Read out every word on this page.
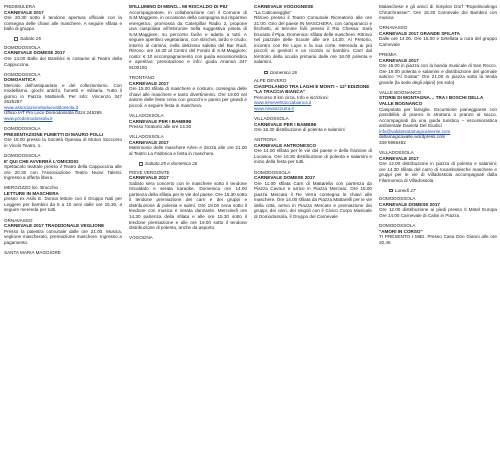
PIEDIMULERA
CARNEVALE 2017

Ore 20.30 sotto il tendone apertura ufficiale con la consegna delle chiavi alle maschere. A seguire sfilata e ballo di gruppo.

Sabato 25
DOMODOSSOLA
CARNEVALE DOMESE 2017

Ore 14.00 Ballo dei Bambini in costume al Teatro della Cappuccina.

DOMODOSSOLA
DOMOANTICA

Mercato dell'antiquariato e del collezionismo. Con modellismo, giochi antichi, fumetti e militaria. Tutto il giorno in Piazza Mattarelli. Per info: Vincenzo 347 2625287

www.associazioneladuevaldossola.it
Ufficio IAT Pro Loco Domodossola 0324 248265
www.prodomodossola.it
DOMODOSSOLA
PRESENTAZIONE FUMETTI DI MAURO POLLI

Ore 18.00 presso la Società Operaia di Mutuo Soccorso in Vicolo Teatro, 1.

DOMODOSSOLA
E' QUI CHE AVVERRÀ L'OMICIDIO

Spettacolo teatrale presso il Teatro della Cappuccina alle ore 20.30 con l'Associazione Teatro Nuovi Talenti. Ingresso a offerta libera.

MERGOZZO loc. Bracchio
LETTURE IN MASCHERA

presso ex Asilo E. Donna letture con il Gruppo Nati per Leggere per bambini da 5 a 10 anni dalle ore 15.30, a seguire merenda per tutti.

ORNAVASSO
CARNEVALE 2017 TRADIZIONALE VEGLIONE

Presso la palestra comunale dalle ore 21.00. Musica, veglione mascherato, premiazione maschere. Ingresso a pagamento.

SANTA MARIA MAGGIORE
M'ILLUMINO DI MENO... MI RISCALDO DI PIU'

Accompagnatore, in collaborazione con il Comune di S.M.Maggiore, in occasione della campagna sul risparmio energetico, promossa da Caterpillar Radio 2, propone una ciaspolata all'imbrunire nella suggestiva pineta di S.M.Maggiore, su percorso facile e adatto a tutti. A seguire aperitivo vegetariano, con stinchet, lardo e crudo, intorno al camino, nella deliziosa saletta del Bar Rudi. Ritrovo: ore 16.30 al Centro del Fondo di S.M.Maggiore; costo: € 10 accompagnamento con guida escursionistica e aperitivo; prenotazione e info: guida Arianna 347 9100100

TRONTANO
CARNEVALE 2017

Ore 15.00 sfilata di maschere e costumi, consegna delle chiavi alle maschere e tanto divertimento. Ore 19.00 nel salone delle feste cena con gnocchi e panini per grandi e piccoli. A seguire festa in maschera.

VILLADOSSOLA
CARNEVALE PER I BAMBINI

Presso l'oratorio alle ore 14.30

VILLADOSSOLA
CARNEVALE 2017

Matrimonio delle maschere Arlen e Zezza alle ore 21.00 al Teatro La Fabbrica e festa in maschera

Sabato 25 e domenica 26
PIEVE VERGONTE
CARNEVALE 2017

Sabato sera concerto con le maschere sotto il tendone riscaldato e serata karaoke. Domenica ore 14.00 partenza della sfilata per le vie del paese. Ore 15.30 sotto il tendone premiazione dei carri e dei gruppi e distribuzione di polenta e salmì. Ore 19.00 cena sotto il tendone con musica e serata danzante. Mercoledì ore 14.30 partenza della sfilata e alle ore 15.30 sotto il tendone premiazione e alle ore 19.00 sotto il tendone distribuzione di polenta, anche da asporto.

VOGOGNA
CARNEVALE VOGOGNESE
"La Caticavegglia"

Ritrovo presso il Teatro Comunale Ricreatorio alle ore 21.00. Giro del paese IN MASCHERA, con campanacci e fischietti, al termine falò presso il Rio Chessa. Sarà bruciato il Pipa. Domenica: sfilata delle maschere. Ritrovo nel piazzale delle Scuole alle ore 14.30. Al Pretorio, incontro con Re Lupo e la sua corte. Merenda ai più piccoli; ai genitori e un ricordo ai bambini. Carri dal territorio della scuola primaria dalle ore 16.00 polenta e salamini.

Domenica 26
ALPE DEVERO
CIASPOLANDO TRA LAGHI E MONTI – 12ª EDIZIONE "LA TRACCIA BIANCA"

Percorso 8 km circa. Info e iscrizioni:

www.lelneveltracciabianca.it
www.neveazzurra.it
VILLADOSSOLA
CARNEVALE PER I BAMBINI

Ore 16.30 distribuzione di polenta e salamini

ANTRONA
CARNEVALE ANTRONESCO

Ore 14.00 sfilata per le vie del paese e della frazione di Locasca. Ore 16.30 distribuzione di polenta e salamini e inizio della festa per tutti.

DOMODOSSOLA
CARNEVALE DOMESE 2017

Ore 11.00 sfilata Carri di Mattarella con partenza da Piazza Cavour e arrivo in Piazza Mercato. Ore 15.00 piazza Mercato il Re Verra consegna le chiavi alle maschere. Ore 14.00 sfilata da Piazza Mattarelli per le vie della città, arrivo in Piazza Mercato e premiazione dei gruppi, dei carri, dei singoli con il Civico Corpo Musicale di Domodossola, il Gruppo del Carnevale

Malaschese e gli amici di Simplon Dorf "Ropolinoolingo Chrutchrasser". Ore 16.30 Carnevale dei Bambini con musica

ORNAVASSO
CARNEVALE 2017 GRANDE SFILATA

Dalle ore 14.00. Ore 15.00 e tortellata a cura del gruppo Carnevale

PREMIA
CARNEVALE 2017

Ore 15.00 in piazza con la banda musicale di San Rocco. Ore 19.00 polenta e salamini e distribuzione del giornale satirico "Al Gostar" Ore 21.00 in piazza sotto la tenda grande (la sede degli alpini) (es solo)

VALLE BOGNANCO
STORIE DI MONTAGNA… TRA I BOSCHI DELLA VALLE BOGNANCO

Ciaspolata per famiglie. Escursione pianeggiante con possibilità di pranzo in struttura o pranzo al sacco. Accompagnati da una guida turistica – escursionistica ambientale Daniela Del Giudici

info@valdossolamagicamente.com
dellamagicavalle.wordpress.com
339 6966452
VILLADOSSOLA
CARNEVALE 2017

Ore 12.00 distribuzione in piazza di polenta e salamini; ore 14.30 sfilata del carro di rocambolesche maschere e gruppi per le vie di Villadossola accompagnati dalla Filarmonica di Villadossola

Lunedì 27
DOMODOSSOLA
CARNEVALE DOMESE 2017

Ore 12.00 distribuzione ai piedi presso Il Motel Europa Ore 14.00 Carnevale di Calini in Piazza

DOMODOSSOLA
"AMORI IN CORSO"

TI PRESENTO I MIEI. Presso Casa Don Gianni alle ore 20.45
